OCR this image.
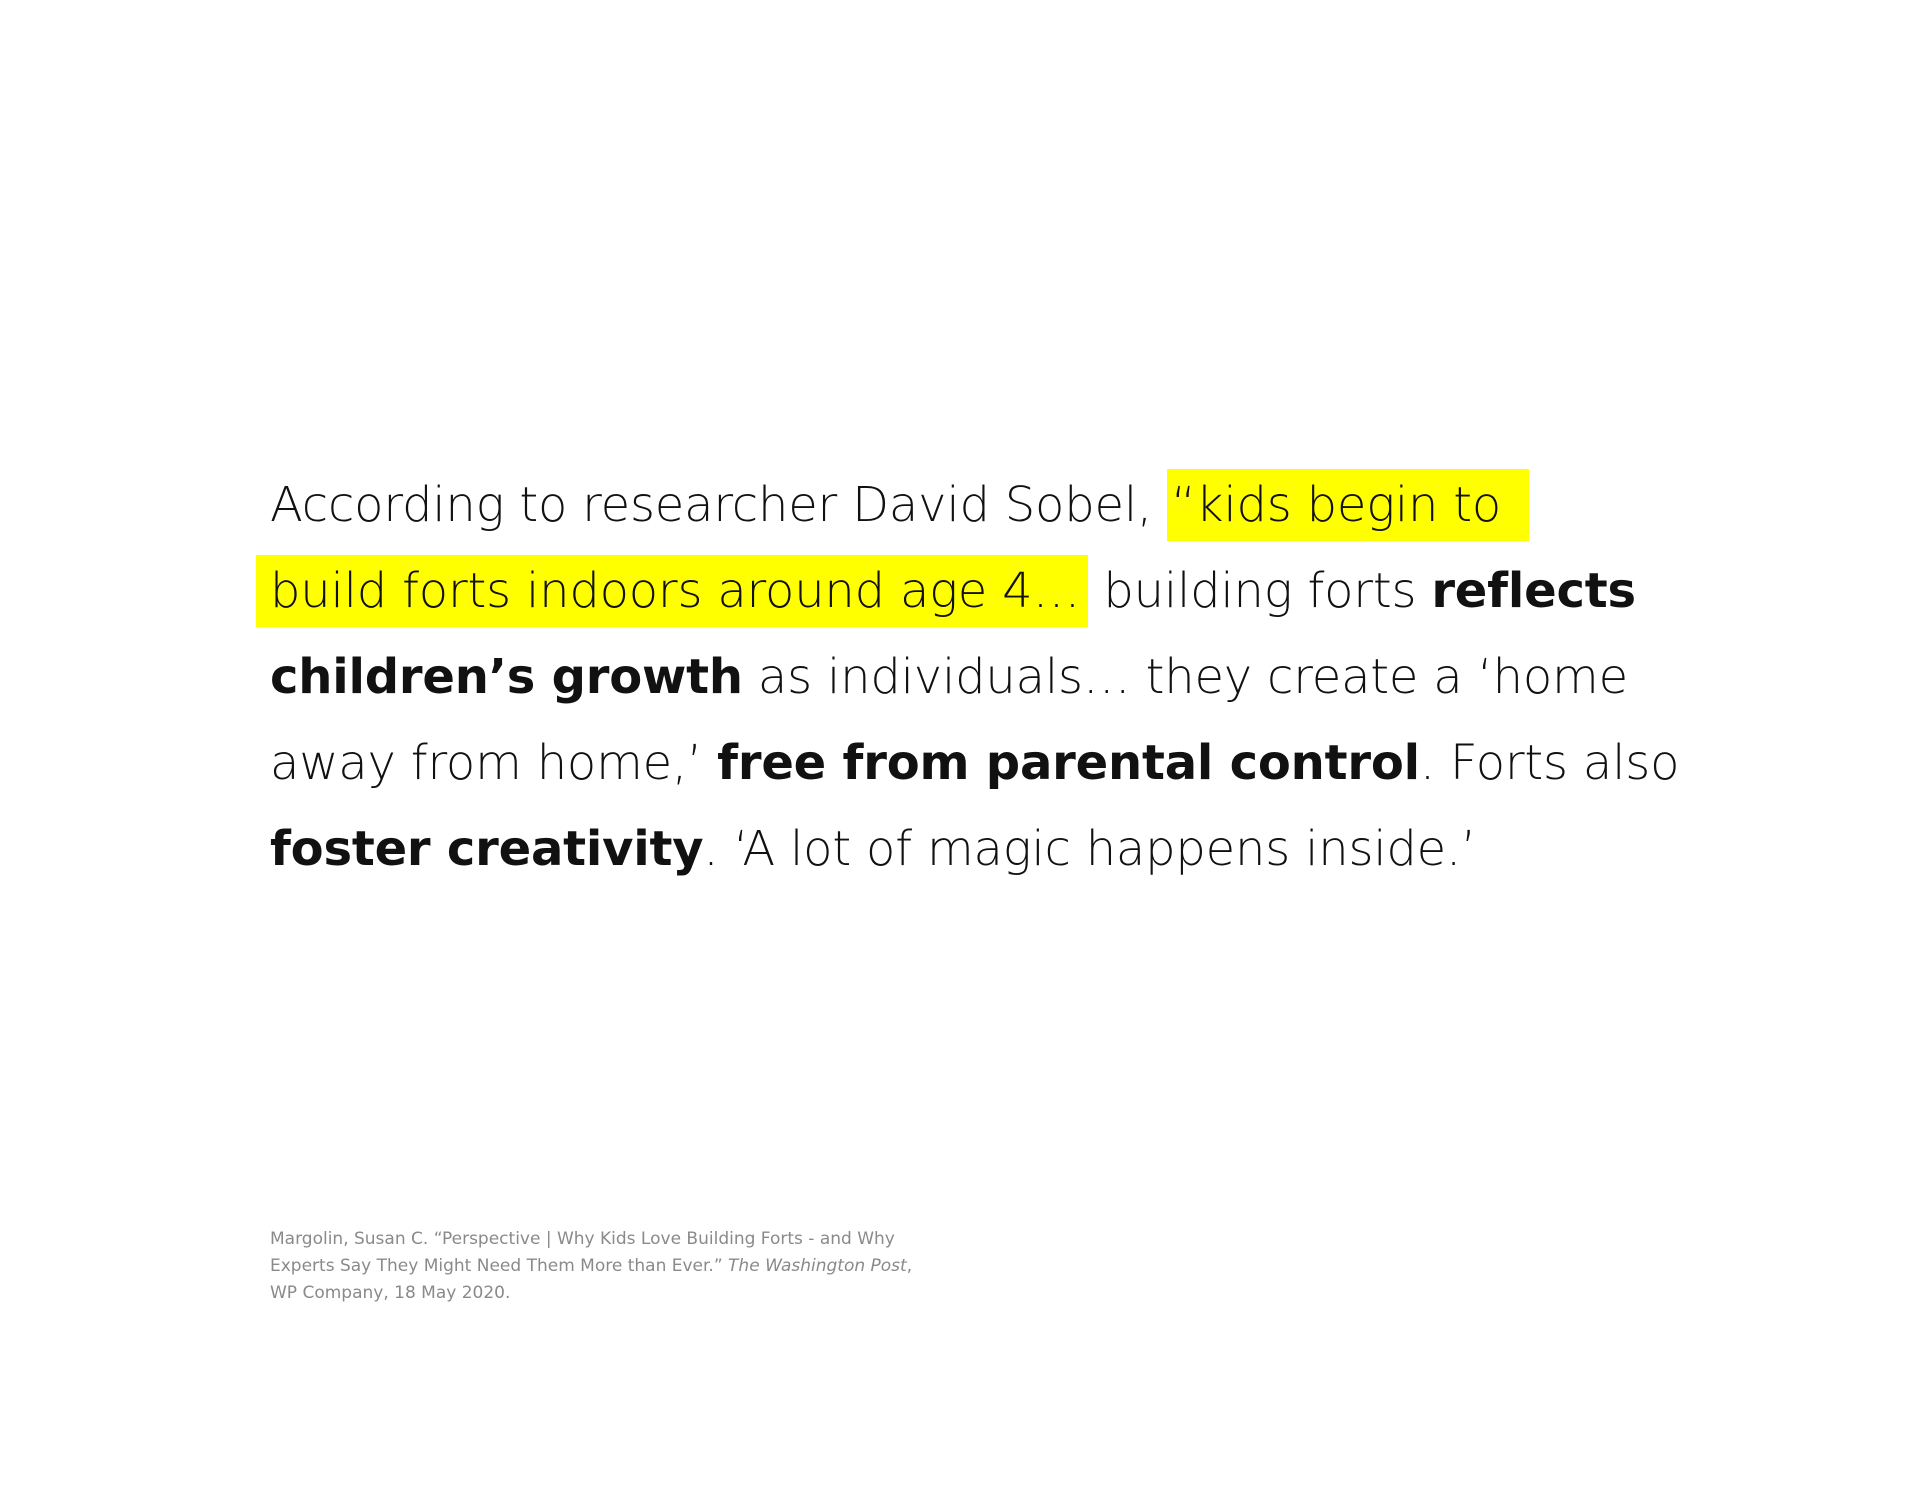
According to researcher David Sobel, “kids begin to
build forts indoors around age 4… building forts reflects
children’s growth as individuals… they create a ‘home
away from home,’ free from parental control. Forts also
foster creativity. ‘A lot of magic happens inside.’
Margolin, Susan C. “Perspective | Why Kids Love Building Forts - and Why
Experts Say They Might Need Them More than Ever.” The Washington Post,
WP Company, 18 May 2020.
